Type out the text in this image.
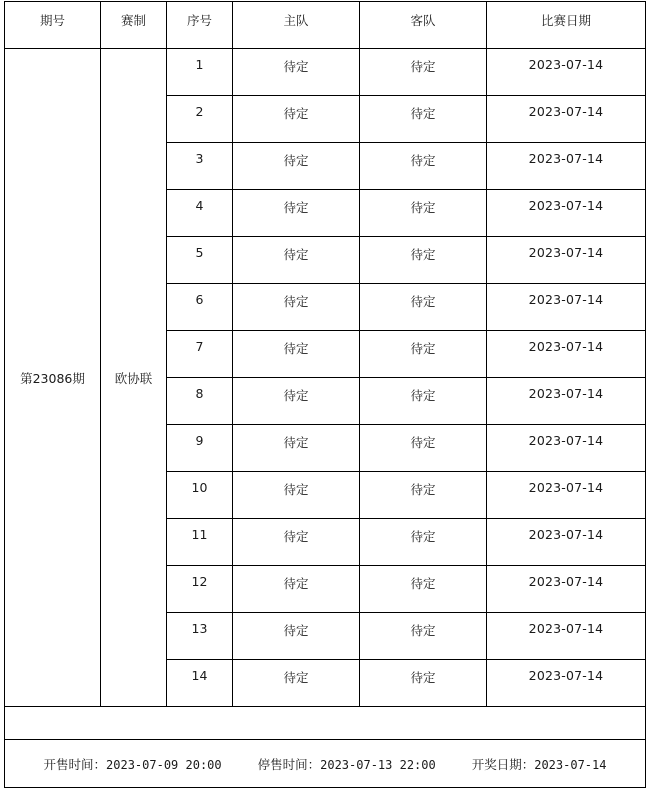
期号	赛制	序号	主队	客队	比赛日期
第23086期	欧协联	1	待定	待定	2023-07-14
		2	待定	待定	2023-07-14
		3	待定	待定	2023-07-14
		4	待定	待定	2023-07-14
		5	待定	待定	2023-07-14
		6	待定	待定	2023-07-14
		7	待定	待定	2023-07-14
		8	待定	待定	2023-07-14
		9	待定	待定	2023-07-14
		10	待定	待定	2023-07-14
		11	待定	待定	2023-07-14
		12	待定	待定	2023-07-14
		13	待定	待定	2023-07-14
		14	待定	待定	2023-07-14

开售时间：2023-07-09 20:00 停售时间：2023-07-13 22:00 开奖日期：2023-07-14					
